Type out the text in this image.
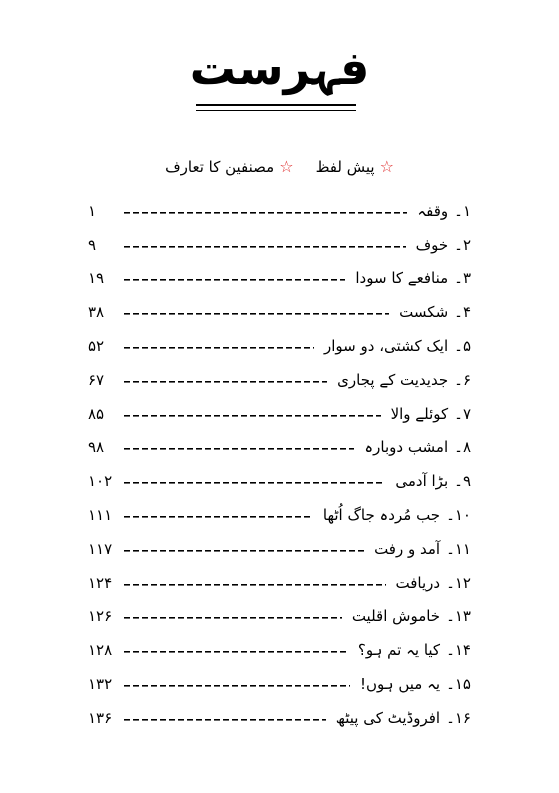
فہرست
☆
پیش لفظ
☆
مصنفین کا تعارف
۱۔
وقفہ
۱
۲۔
خوف
۹
۳۔
منافعے کا سودا
۱۹
۴۔
شکست
۳۸
۵۔
ایک کشتی، دو سوار
۵۲
۶۔
جدیدیت کے پجاری
۶۷
۷۔
کوئلے والا
۸۵
۸۔
امشب دوبارہ
۹۸
۹۔
بڑا آدمی
۱۰۲
۱۰۔
جب مُردہ جاگ اُٹھا
۱۱۱
۱۱۔
آمد و رفت
۱۱۷
۱۲۔
دریافت
۱۲۴
۱۳۔
خاموش اقلیت
۱۲۶
۱۴۔
کیا یہ تم ہو؟
۱۲۸
۱۵۔
یہ میں ہوں!
۱۳۲
۱۶۔
افروڈیٹ کی پیٹھ
۱۳۶
